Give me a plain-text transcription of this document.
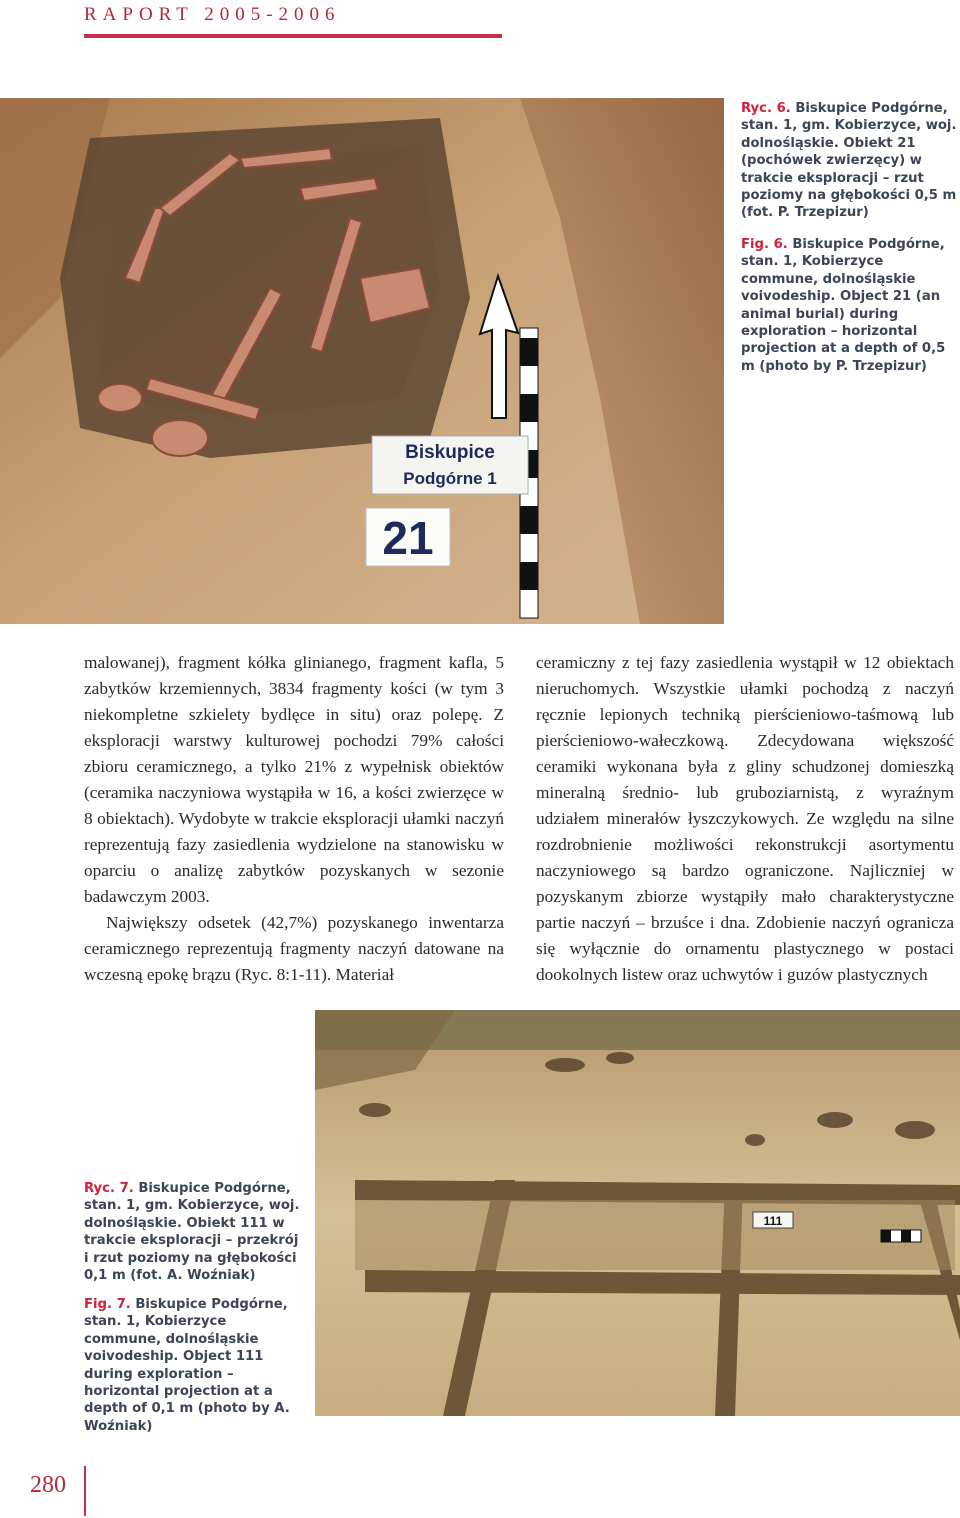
RAPORT 2005-2006
Biskupice
Podgórne 1
21
Ryc. 6. Biskupice Podgórne, stan. 1, gm. Kobierzyce, woj. dolnośląskie. Obiekt 21 (pochówek zwierzęcy) w trakcie eksploracji – rzut poziomy na głębokości 0,5 m (fot. P. Trzepizur)
Fig. 6. Biskupice Podgórne, stan. 1, Kobierzyce commune, dolnośląskie voivodeship. Object 21 (an animal burial) during exploration – horizontal projection at a depth of 0,5 m (photo by P. Trzepizur)

malowanej), fragment kółka glinianego, fragment kafla, 5 zabytków krzemiennych, 3834 fragmenty kości (w tym 3 niekompletne szkielety bydlęce in situ) oraz polepę. Z eksploracji warstwy kulturowej pochodzi 79% całości zbioru ceramicznego, a tylko 21% z wypełnisk obiektów (ceramika naczyniowa wystąpiła w 16, a kości zwierzęce w 8 obiektach). Wydobyte w trakcie eksploracji ułamki naczyń reprezentują fazy zasiedlenia wydzielone na stanowisku w oparciu o analizę zabytków pozyskanych w sezonie badawczym 2003.

Największy odsetek (42,7%) pozyskanego inwentarza ceramicznego reprezentują fragmenty naczyń datowane na wczesną epokę brązu (Ryc. 8:1-11). Materiał

ceramiczny z tej fazy zasiedlenia wystąpił w 12 obiektach nieruchomych. Wszystkie ułamki pochodzą z naczyń ręcznie lepionych techniką pierścieniowo-taśmową lub pierścieniowo-wałeczkową. Zdecydowana większość ceramiki wykonana była z gliny schudzonej domieszką mineralną średnio- lub gruboziarnistą, z wyraźnym udziałem minerałów łyszczykowych. Ze względu na silne rozdrobnienie możliwości rekonstrukcji asortymentu naczyniowego są bardzo ograniczone. Najliczniej w pozyskanym zbiorze wystąpiły mało charakterystyczne partie naczyń – brzuśce i dna. Zdobienie naczyń ogranicza się wyłącznie do ornamentu plastycznego w postaci dookolnych listew oraz uchwytów i guzów plastycznych

111
Ryc. 7. Biskupice Podgórne, stan. 1, gm. Kobierzyce, woj. dolnośląskie. Obiekt 111 w trakcie eksploracji – przekrój i rzut poziomy na głębokości 0,1 m (fot. A. Woźniak)
Fig. 7. Biskupice Podgórne, stan. 1, Kobierzyce commune, dolnośląskie voivodeship. Object 111 during exploration – horizontal projection at a depth of 0,1 m (photo by A. Woźniak)
280
